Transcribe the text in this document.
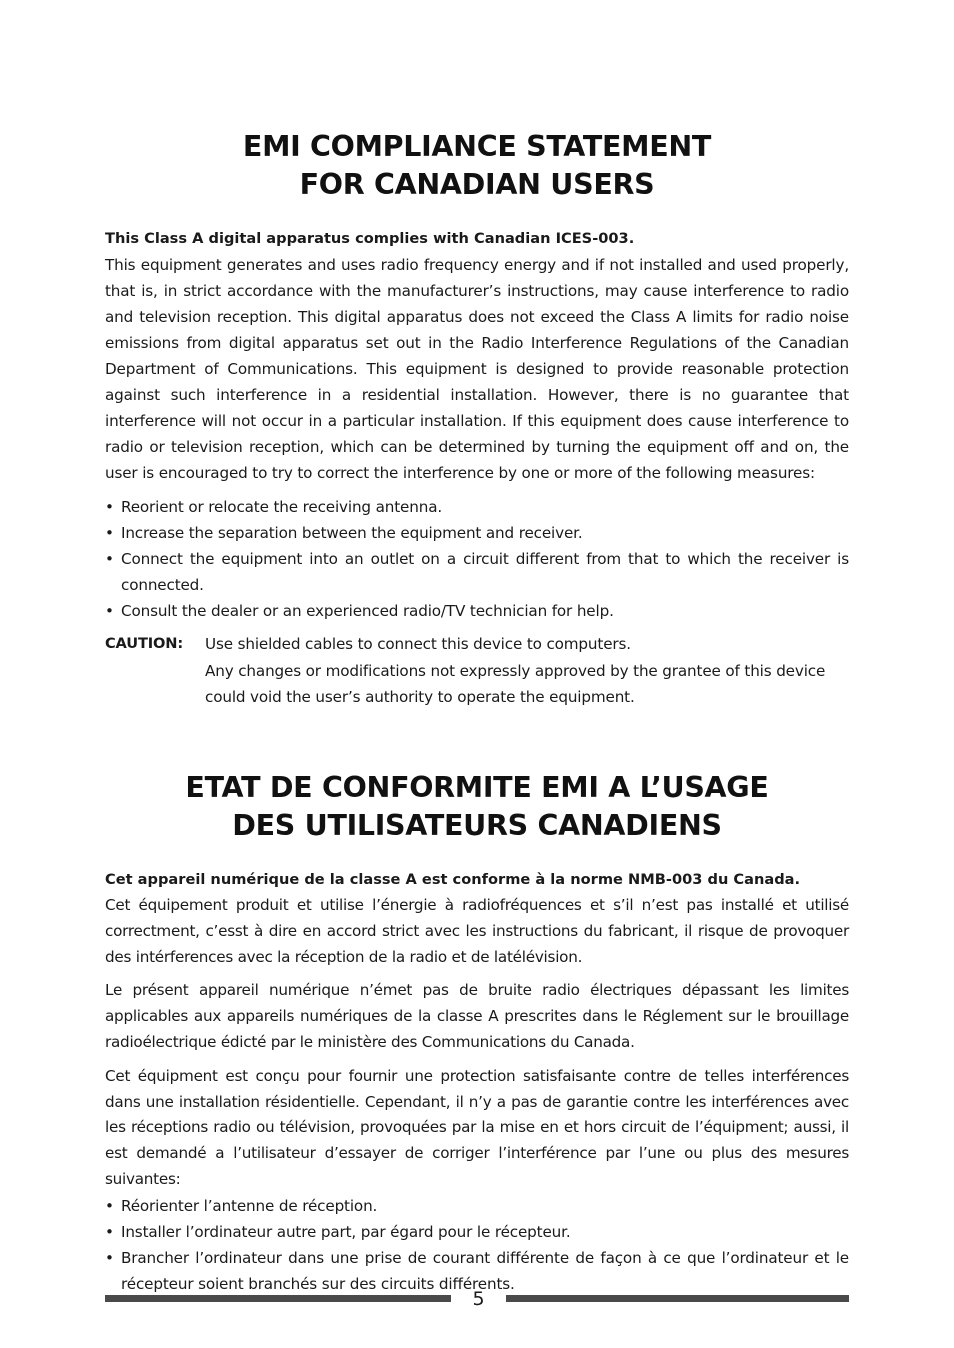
EMI COMPLIANCE STATEMENT
FOR CANADIAN USERS

This Class A digital apparatus complies with Canadian ICES-003.

This equipment generates and uses radio frequency energy and if not installed and used properly, that is, in strict accordance with the manufacturer’s instructions, may cause interference to radio and television reception. This digital apparatus does not exceed the Class A limits for radio noise emissions from digital apparatus set out in the Radio Interference Regulations of the Canadian Department of Communications. This equipment is designed to provide reasonable protection against such interference in a residential installation. However, there is no guarantee that interference will not occur in a particular installation. If this equipment does cause interference to radio or television reception, which can be determined by turning the equipment off and on, the user is encouraged to try to correct the interference by one or more of the following measures:

• Reorient or relocate the receiving antenna.
• Increase the separation between the equipment and receiver.
• Connect the equipment into an outlet on a circuit different from that to which the receiver is connected.
• Consult the dealer or an experienced radio/TV technician for help.
CAUTION:	Use shielded cables to connect this device to computers.
Any changes or modifications not expressly approved by the grantee of this device could void the user’s authority to operate the equipment.
ETAT DE CONFORMITE EMI A L’USAGE
DES UTILISATEURS CANADIENS

Cet appareil numérique de la classe A est conforme à la norme NMB-003 du Canada.

Cet équipement produit et utilise l’énergie à radiofréquences et s’il n’est pas installé et utilisé correctment, c’esst à dire en accord strict avec les instructions du fabricant, il risque de provoquer des intérferences avec la réception de la radio et de latélévision.

Le présent appareil numérique n’émet pas de bruite radio électriques dépassant les limites applicables aux appareils numériques de la classe A prescrites dans le Réglement sur le brouillage radioélectrique édicté par le ministère des Communications du Canada.

Cet équipment est conçu pour fournir une protection satisfaisante contre de telles interférences dans une installation résidentielle. Cependant, il n’y a pas de garantie contre les interférences avec les réceptions radio ou télévision, provoquées par la mise en et hors circuit de l’équipment; aussi, il est demandé a l’utilisateur d’essayer de corriger l’interférence par l’une ou plus des mesures suivantes:

• Réorienter l’antenne de réception.
• Installer l’ordinateur autre part, par égard pour le récepteur.
• Brancher l’ordinateur dans une prise de courant différente de façon à ce que l’ordinateur et le récepteur soient branchés sur des circuits différents.
5
